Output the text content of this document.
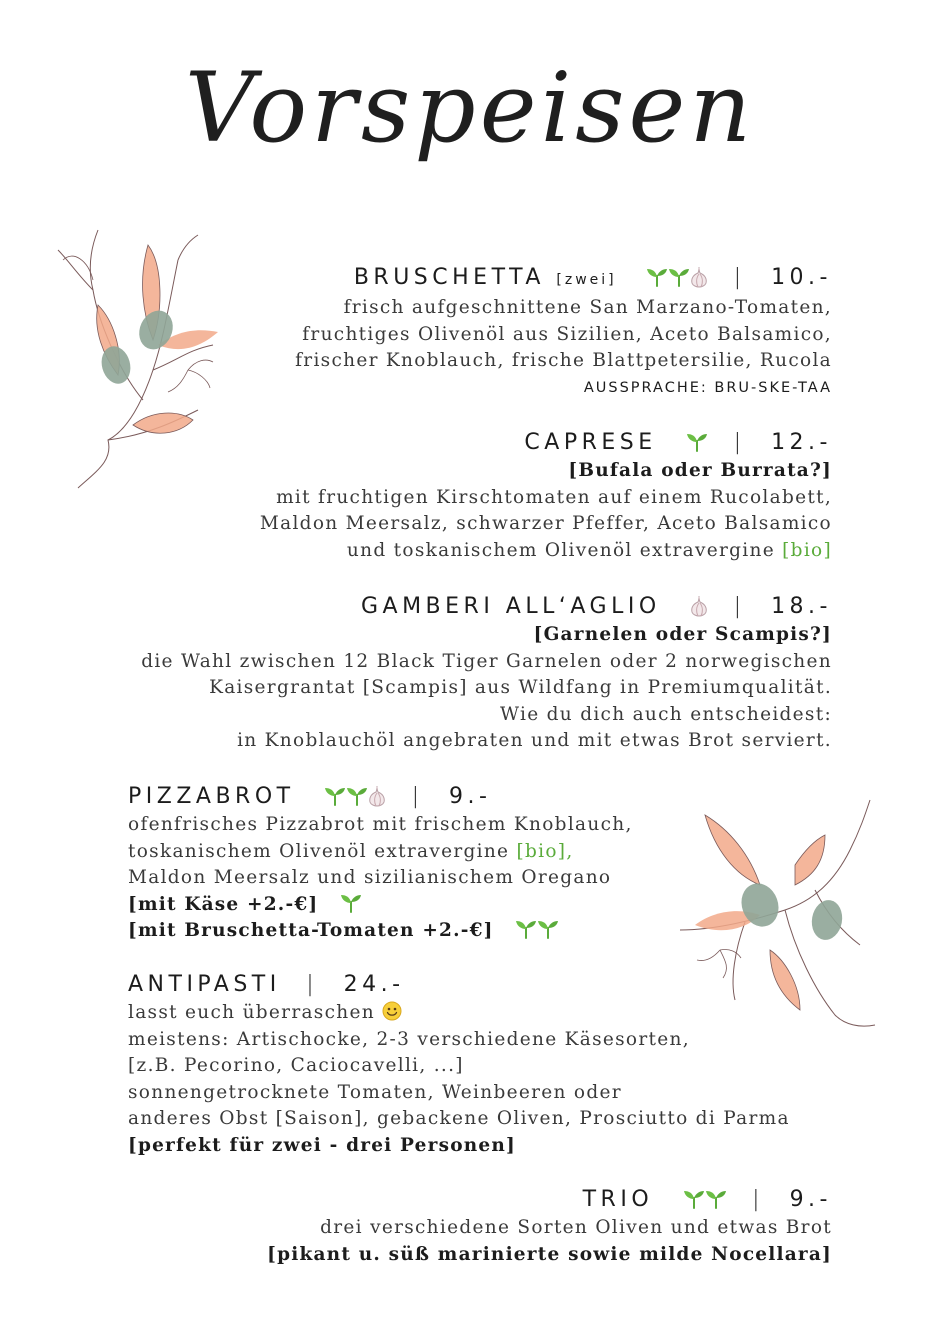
Vorspeisen
BRUSCHETTA [zwei]	| 10.-
frisch aufgeschnittene San Marzano-Tomaten,
fruchtiges Olivenöl aus Sizilien, Aceto Balsamico,
frischer Knoblauch, frische Blattpetersilie, Rucola
AUSSPRACHE: BRU-SKE-TAA
CAPRESE	| 12.-
[Bufala oder Burrata?]
mit fruchtigen Kirschtomaten auf einem Rucolabett,
Maldon Meersalz, schwarzer Pfeffer, Aceto Balsamico
und toskanischem Olivenöl extravergine [bio]
GAMBERI ALL‘AGLIO	| 18.-
[Garnelen oder Scampis?]
die Wahl zwischen 12 Black Tiger Garnelen oder 2 norwegischen
Kaisergrantat [Scampis] aus Wildfang in Premiumqualität.
Wie du dich auch entscheidest:
in Knoblauchöl angebraten und mit etwas Brot serviert.
PIZZABROT	| 9.-
ofenfrisches Pizzabrot mit frischem Knoblauch,
toskanischem Olivenöl extravergine [bio],
Maldon Meersalz und sizilianischem Oregano
[mit Käse +2.-€]
[mit Bruschetta-Tomaten +2.-€]
ANTIPASTI | 24.-
lasst euch überraschen
meistens: Artischocke, 2-3 verschiedene Käsesorten,
[z.B. Pecorino, Caciocavelli, ...]
sonnengetrocknete Tomaten, Weinbeeren oder
anderes Obst [Saison], gebackene Oliven, Prosciutto di Parma
[perfekt für zwei - drei Personen]
TRIO	| 9.-
drei verschiedene Sorten Oliven und etwas Brot
[pikant u. süß marinierte sowie milde Nocellara]
